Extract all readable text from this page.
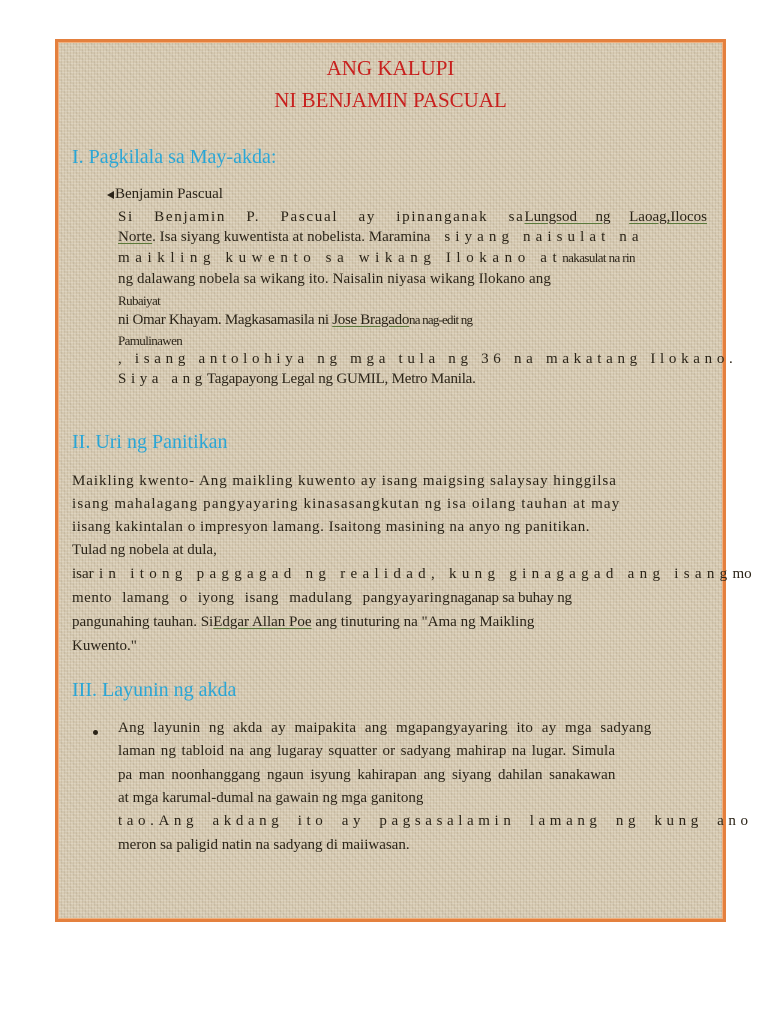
ANG KALUPI
NI BENJAMIN PASCUAL
I. Pagkilala sa May-akda:
Benjamin Pascual
Si Benjamin P. Pascual ay ipinanganak saLungsod ng Laoag,Ilocos
Norte. Isa siyang kuwentista at nobelista. Maramina siyang naisulat na
maikling kuwento sa wikang Ilokano atnakasulat na rin
ng dalawang nobela sa wikang ito. Naisalin niyasa wikang Ilokano ang
Rubaiyat
ni Omar Khayam. Magkasamasila ni Jose Bragadona nag-edit ng
Pamulinawen
, isang antolohiya ng mga tula ng 36 na makatang Ilokano.
Siya angTagapayong Legal ng GUMIL, Metro Manila.
II. Uri ng Panitikan
Maikling kwento- Ang maikling kuwento ay isang maigsing salaysay hinggilsa
isang mahalagang pangyayaring kinasasangkutan ng isa oilang tauhan at may
iisang kakintalan o impresyon lamang. Isaitong masining na anyo ng panitikan.
Tulad ng nobela at dula,
isarin itong paggagad ng realidad, kung ginagagad ang isangmo
mento lamang o iyong isang madulang pangyayaringnaganap sa buhay ng
pangunahing tauhan. SiEdgar Allan Poe ang tinuturing na "Ama ng Maikling
Kuwento."
III. Layunin ng akda
Ang layunin ng akda ay maipakita ang mgapangyayaring ito ay mga sadyang
laman ng tabloid na ang lugaray squatter or sadyang mahirap na lugar. Simula
pa man noonhanggang ngaun isyung kahirapan ang siyang dahilan sanakawan
at mga karumal-dumal na gawain ng mga ganitong
tao.Ang akdang ito ay pagsasalamin lamang ng kung ano
meron sa paligid natin na sadyang di maiiwasan.
